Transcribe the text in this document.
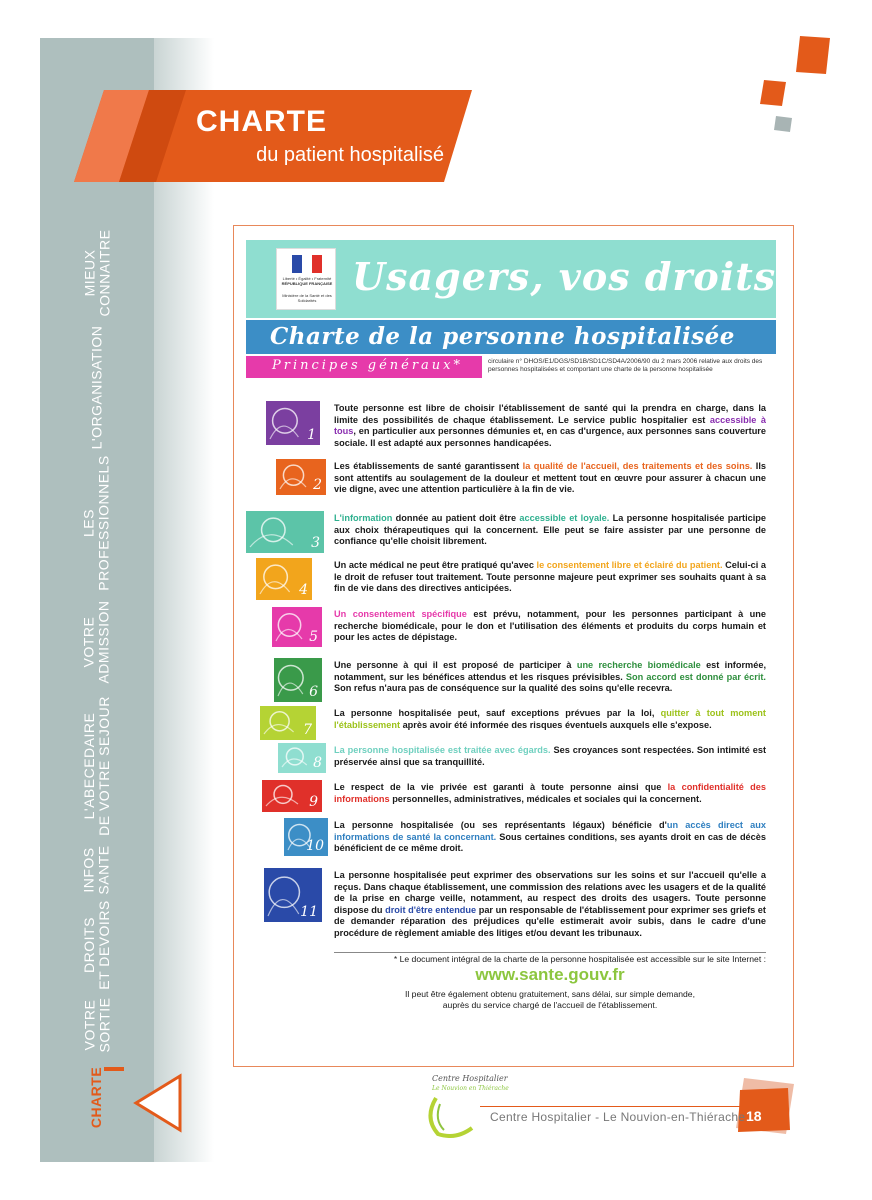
MIEUX
CONNAITRE
L'ORGANISATION
LES
PROFESSIONNELS
VOTRE
ADMISSION
L'ABECEDAIRE
DE VOTRE SEJOUR
INFOS
SANTE
DROITS
ET DEVOIRS
VOTRE
SORTIE
CHARTE
CHARTE
du patient hospitalisé
Liberté • Égalité • Fraternité
RÉPUBLIQUE FRANÇAISE
Ministère de la Santé et des Solidarités
Usagers, vos droits
Charte de la personne hospitalisée
Principes généraux*	circulaire n° DHOS/E1/DGS/SD1B/SD1C/SD4A/2006/90 du 2 mars 2006 relative aux droits des personnes hospitalisées et comportant une charte de la personne hospitalisée
1
Toute personne est libre de choisir l'établissement de santé qui la prendra en charge, dans la limite des possibilités de chaque établissement. Le service public hospitalier est accessible à tous, en particulier aux personnes démunies et, en cas d'urgence, aux personnes sans couverture sociale. Il est adapté aux personnes handicapées.
2
Les établissements de santé garantissent la qualité de l'accueil, des traitements et des soins. Ils sont attentifs au soulagement de la douleur et mettent tout en œuvre pour assurer à chacun une vie digne, avec une attention particulière à la fin de vie.
3
L'information donnée au patient doit être accessible et loyale. La personne hospitalisée participe aux choix thérapeutiques qui la concernent. Elle peut se faire assister par une personne de confiance qu'elle choisit librement.
4
Un acte médical ne peut être pratiqué qu'avec le consentement libre et éclairé du patient. Celui-ci a le droit de refuser tout traitement. Toute personne majeure peut exprimer ses souhaits quant à sa fin de vie dans des directives anticipées.
5
Un consentement spécifique est prévu, notamment, pour les personnes participant à une recherche biomédicale, pour le don et l'utilisation des éléments et produits du corps humain et pour les actes de dépistage.
6
Une personne à qui il est proposé de participer à une recherche biomédicale est informée, notamment, sur les bénéfices attendus et les risques prévisibles. Son accord est donné par écrit. Son refus n'aura pas de conséquence sur la qualité des soins qu'elle recevra.
7
La personne hospitalisée peut, sauf exceptions prévues par la loi, quitter à tout moment l'établissement après avoir été informée des risques éventuels auxquels elle s'expose.
8
La personne hospitalisée est traitée avec égards. Ses croyances sont respectées. Son intimité est préservée ainsi que sa tranquillité.
9
Le respect de la vie privée est garanti à toute personne ainsi que la confidentialité des informations personnelles, administratives, médicales et sociales qui la concernent.
10
La personne hospitalisée (ou ses représentants légaux) bénéficie d'un accès direct aux informations de santé la concernant. Sous certaines conditions, ses ayants droit en cas de décès bénéficient de ce même droit.
11
La personne hospitalisée peut exprimer des observations sur les soins et sur l'accueil qu'elle a reçus. Dans chaque établissement, une commission des relations avec les usagers et de la qualité de la prise en charge veille, notamment, au respect des droits des usagers. Toute personne dispose du droit d'être entendue par un responsable de l'établissement pour exprimer ses griefs et de demander réparation des préjudices qu'elle estimerait avoir subis, dans le cadre d'une procédure de règlement amiable des litiges et/ou devant les tribunaux.
* Le document intégral de la charte de la personne hospitalisée est accessible sur le site Internet :
www.sante.gouv.fr
Il peut être également obtenu gratuitement, sans délai, sur simple demande,
auprès du service chargé de l'accueil de l'établissement.
Centre Hospitalier
Le Nouvion en Thiérache
Centre Hospitalier - Le Nouvion-en-Thiérache 18
